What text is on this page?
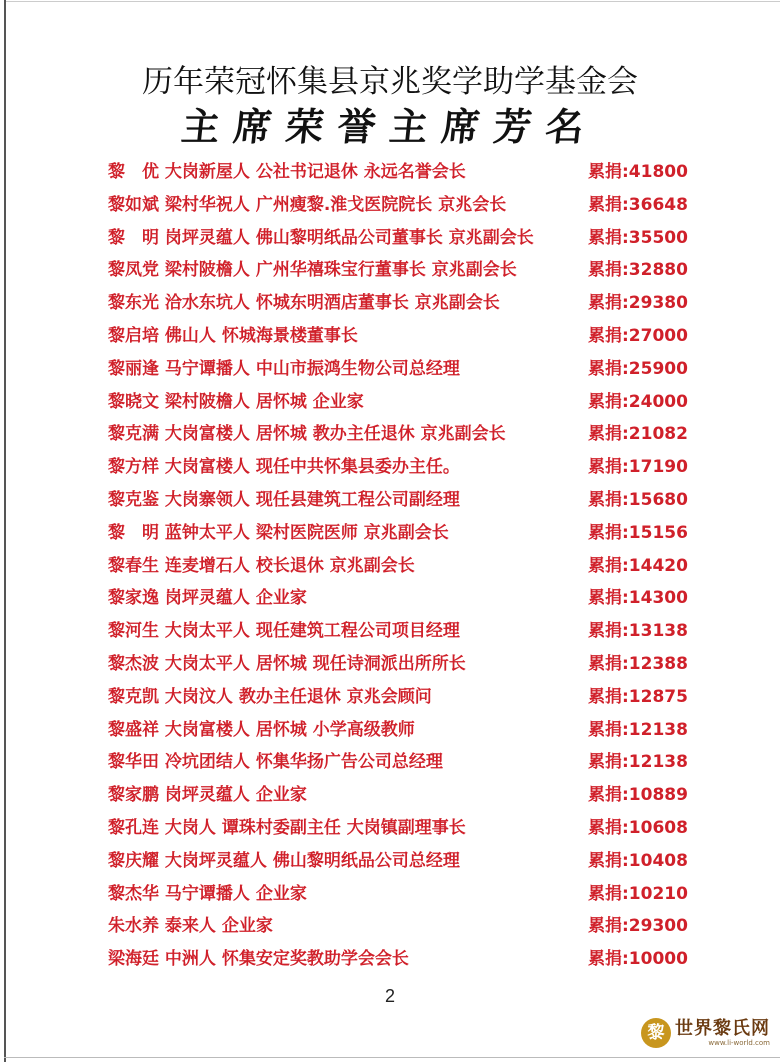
历年荣冠怀集县京兆奖学助学基金会
主席荣誉主席芳名
黎　优 大岗新屋人 公社书记退休 永远名誉会长	累捐:41800
黎如斌 梁村华祝人 广州瘦黎.淮戈医院院长 京兆会长	累捐:36648
黎　明 岗坪灵蕴人 佛山黎明纸品公司董事长 京兆副会长	累捐:35500
黎凤党 梁村陂檐人 广州华禧珠宝行董事长 京兆副会长	累捐:32880
黎东光 洽水东坑人 怀城东明酒店董事长 京兆副会长	累捐:29380
黎启培 佛山人 怀城海景楼董事长	累捐:27000
黎丽逢 马宁谭播人 中山市振鸿生物公司总经理	累捐:25900
黎晓文 梁村陂檐人 居怀城 企业家	累捐:24000
黎克满 大岗富楼人 居怀城 教办主任退休 京兆副会长	累捐:21082
黎方样 大岗富楼人 现任中共怀集县委办主任。	累捐:17190
黎克鉴 大岗寨领人 现任县建筑工程公司副经理	累捐:15680
黎　明 蓝钟太平人 梁村医院医师 京兆副会长	累捐:15156
黎春生 连麦增石人 校长退休 京兆副会长	累捐:14420
黎家逸 岗坪灵蕴人 企业家	累捐:14300
黎河生 大岗太平人 现任建筑工程公司项目经理	累捐:13138
黎杰波 大岗太平人 居怀城 现任诗洞派出所所长	累捐:12388
黎克凯 大岗汶人 教办主任退休 京兆会顾问	累捐:12875
黎盛祥 大岗富楼人 居怀城 小学高级教师	累捐:12138
黎华田 冷坑团结人 怀集华扬广告公司总经理	累捐:12138
黎家鹏 岗坪灵蕴人 企业家	累捐:10889
黎孔连 大岗人 谭珠村委副主任 大岗镇副理事长	累捐:10608
黎庆耀 大岗坪灵蕴人 佛山黎明纸品公司总经理	累捐:10408
黎杰华 马宁谭播人 企业家	累捐:10210
朱水养 泰来人 企业家	累捐:29300
梁海廷 中洲人 怀集安定奖教助学会会长	累捐:10000
2
黎 世界黎氏网
www.li-world.com
